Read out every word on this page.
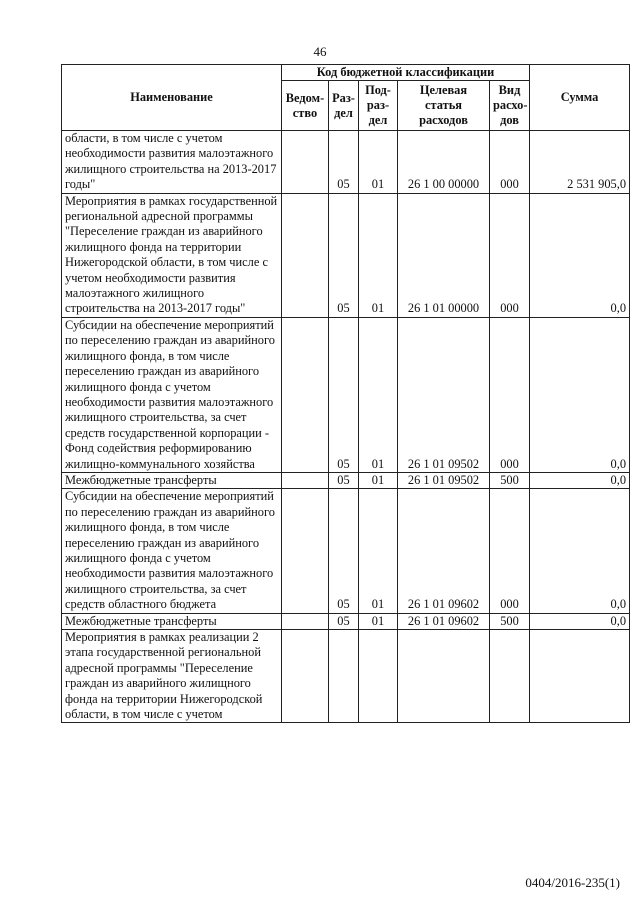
46
Наименование	Код бюджетной классификации					Сумма
	Ведом-ство	Раз-дел	Под-раз-дел	Целевая статья расходов	Вид расхо-дов	
области, в том числе с учетом необходимости развития малоэтажного жилищного строительства на 2013-2017 годы"		05	01	26 1 00 00000	000	2 531 905,0
Мероприятия в рамках государственной региональной адресной программы "Переселение граждан из аварийного жилищного фонда на территории Нижегородской области, в том числе с учетом необходимости развития малоэтажного жилищного строительства на 2013-2017 годы"		05	01	26 1 01 00000	000	0,0
Субсидии на обеспечение мероприятий по переселению граждан из аварийного жилищного фонда, в том числе переселению граждан из аварийного жилищного фонда с учетом необходимости развития малоэтажного жилищного строительства, за счет средств государственной корпорации - Фонд содействия реформированию жилищно-коммунального хозяйства		05	01	26 1 01 09502	000	0,0
Межбюджетные трансферты		05	01	26 1 01 09502	500	0,0
Субсидии на обеспечение мероприятий по переселению граждан из аварийного жилищного фонда, в том числе переселению граждан из аварийного жилищного фонда с учетом необходимости развития малоэтажного жилищного строительства, за счет средств областного бюджета		05	01	26 1 01 09602	000	0,0
Межбюджетные трансферты		05	01	26 1 01 09602	500	0,0
Мероприятия в рамках реализации 2 этапа государственной региональной адресной программы "Переселение граждан из аварийного жилищного фонда на территории Нижегородской области, в том числе с учетом						
0404/2016-235(1)
